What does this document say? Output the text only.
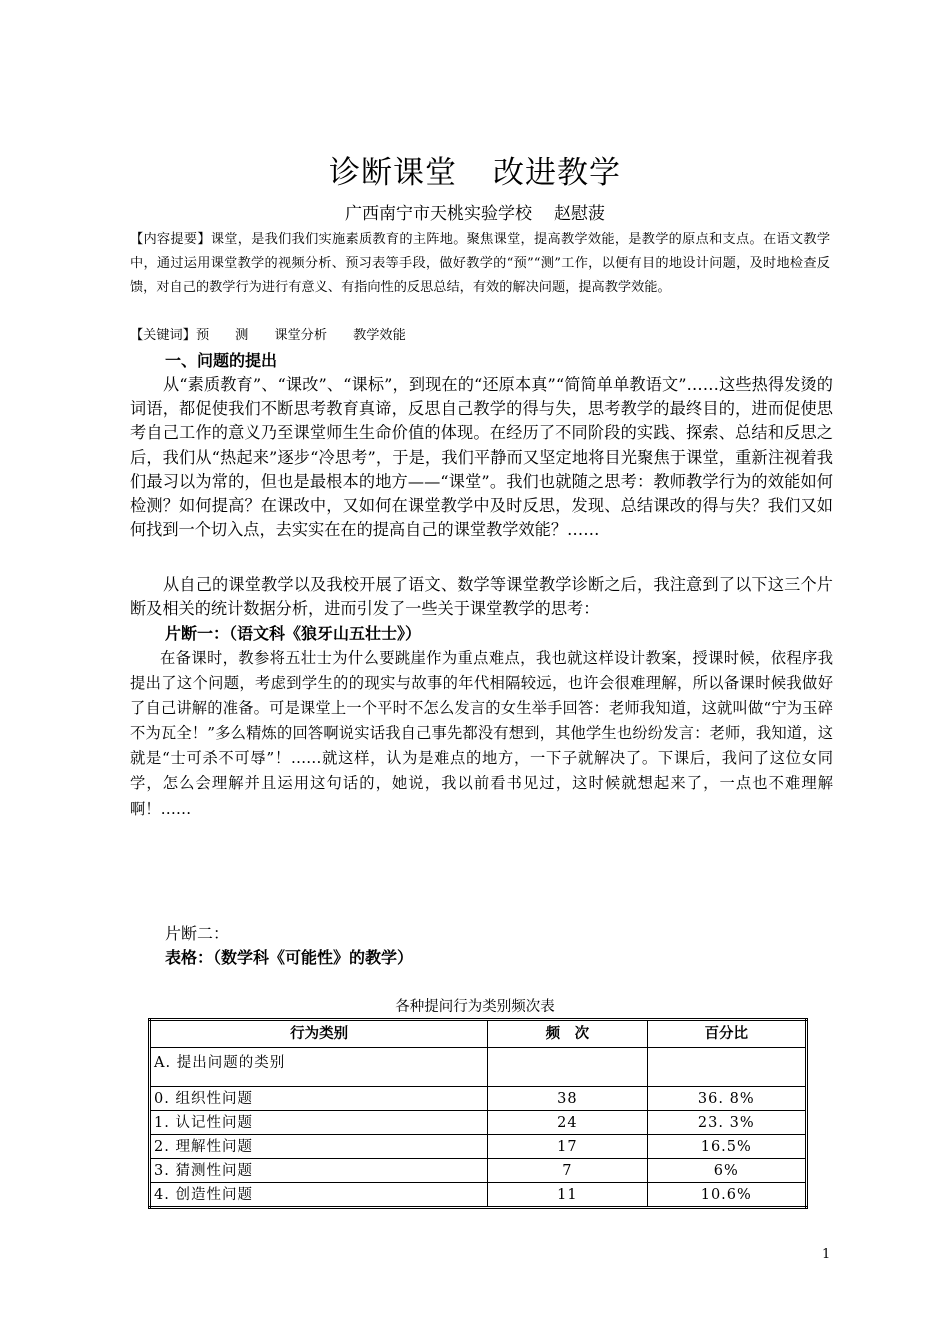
诊断课堂 改进教学
广西南宁市天桃实验学校 赵慰菠
【内容提要】课堂，是我们我们实施素质教育的主阵地。聚焦课堂，提高教学效能，是教学的原点和支点。在语文教学中，通过运用课堂教学的视频分析、预习表等手段，做好教学的“预”“测”工作，以便有目的地设计问题，及时地检查反馈，对自己的教学行为进行有意义、有指向性的反思总结，有效的解决问题，提高教学效能。
【关键词】预 测 课堂分析 教学效能
一、问题的提出

从“素质教育”、“课改”、“课标”，到现在的“还原本真”“简简单单教语文”……这些热得发烫的词语，都促使我们不断思考教育真谛，反思自己教学的得与失，思考教学的最终目的，进而促使思考自己工作的意义乃至课堂师生生命价值的体现。在经历了不同阶段的实践、探索、总结和反思之后，我们从“热起来”逐步“冷思考”，于是，我们平静而又坚定地将目光聚焦于课堂，重新注视着我们最习以为常的，但也是最根本的地方——“课堂”。我们也就随之思考：教师教学行为的效能如何检测？如何提高？在课改中，又如何在课堂教学中及时反思，发现、总结课改的得与失？我们又如何找到一个切入点，去实实在在的提高自己的课堂教学效能？……

从自己的课堂教学以及我校开展了语文、数学等课堂教学诊断之后，我注意到了以下这三个片断及相关的统计数据分析，进而引发了一些关于课堂教学的思考：

片断一：（语文科《狼牙山五壮士》）

在备课时，教参将五壮士为什么要跳崖作为重点难点，我也就这样设计教案，授课时候，依程序我提出了这个问题，考虑到学生的的现实与故事的年代相隔较远，也许会很难理解，所以备课时候我做好了自己讲解的准备。可是课堂上一个平时不怎么发言的女生举手回答：老师我知道，这就叫做“宁为玉碎不为瓦全！”多么精炼的回答啊说实话我自己事先都没有想到，其他学生也纷纷发言：老师，我知道，这就是“士可杀不可辱”！……就这样，认为是难点的地方，一下子就解决了。下课后，我问了这位女同学，怎么会理解并且运用这句话的，她说，我以前看书见过，这时候就想起来了，一点也不难理解啊！……

片断二：
表格：（数学科《可能性》的教学）
各种提问行为类别频次表
行为类别	频　次	百分比
A. 提出问题的类别		
0. 组织性问题	38	36. 8%
1. 认记性问题	24	23. 3%
2. 理解性问题	17	16.5%
3. 猜测性问题	7	6%
4. 创造性问题	11	10.6%
1
